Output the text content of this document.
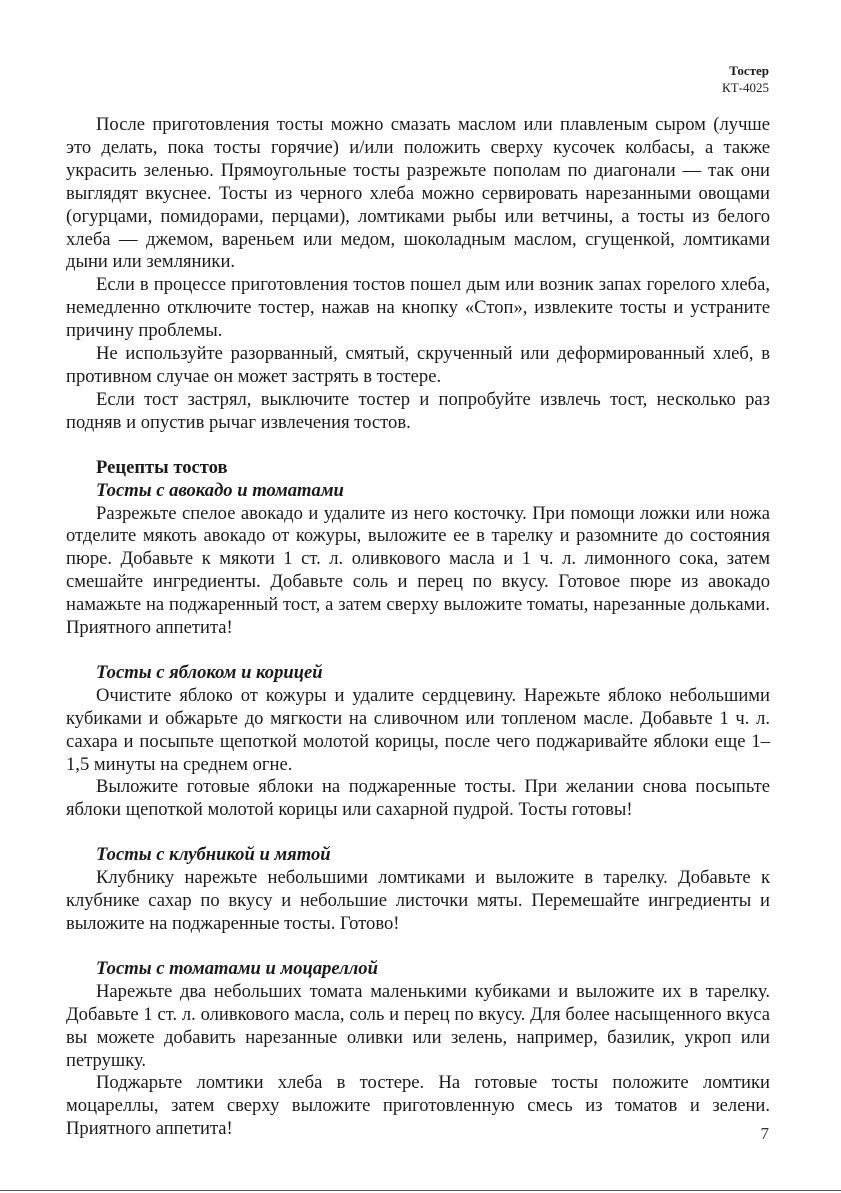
Тостер
КТ-4025

После приготовления тосты можно смазать маслом или плавленым сыром (лучше это делать, пока тосты горячие) и/или положить сверху кусочек колбасы, а также украсить зеленью. Прямоугольные тосты разрежьте пополам по диагонали — так они выглядят вкуснее. Тосты из черного хлеба можно сервировать нарезанными овощами (огурцами, помидорами, перцами), ломтиками рыбы или ветчины, а тосты из белого хлеба — джемом, вареньем или медом, шоколадным маслом, сгущенкой, ломтиками дыни или земляники.

Если в процессе приготовления тостов пошел дым или возник запах горелого хлеба, немедленно отключите тостер, нажав на кнопку «Стоп», извлеките тосты и устраните причину проблемы.

Не используйте разорванный, смятый, скрученный или деформированный хлеб, в противном случае он может застрять в тостере.

Если тост застрял, выключите тостер и попробуйте извлечь тост, несколько раз подняв и опустив рычаг извлечения тостов.

Рецепты тостов
Тосты с авокадо и томатами

Разрежьте спелое авокадо и удалите из него косточку. При помощи ложки или ножа отделите мякоть авокадо от кожуры, выложите ее в тарелку и разомните до состояния пюре. Добавьте к мякоти 1 ст. л. оливкового масла и 1 ч. л. лимонного сока, затем смешайте ингредиенты. Добавьте соль и перец по вкусу. Готовое пюре из авокадо намажьте на поджаренный тост, а затем сверху выложите томаты, нарезанные дольками. Приятного аппетита!

Тосты с яблоком и корицей

Очистите яблоко от кожуры и удалите сердцевину. Нарежьте яблоко небольшими кубиками и обжарьте до мягкости на сливочном или топленом масле. Добавьте 1 ч. л. сахара и посыпьте щепоткой молотой корицы, после чего поджаривайте яблоки еще 1–1,5 минуты на среднем огне.

Выложите готовые яблоки на поджаренные тосты. При желании снова посыпьте яблоки щепоткой молотой корицы или сахарной пудрой. Тосты готовы!

Тосты с клубникой и мятой

Клубнику нарежьте небольшими ломтиками и выложите в тарелку. Добавьте к клубнике сахар по вкусу и небольшие листочки мяты. Перемешайте ингредиенты и выложите на поджаренные тосты. Готово!

Тосты с томатами и моцареллой

Нарежьте два небольших томата маленькими кубиками и выложите их в тарелку. Добавьте 1 ст. л. оливкового масла, соль и перец по вкусу. Для более насыщенного вкуса вы можете добавить нарезанные оливки или зелень, например, базилик, укроп или петрушку.

Поджарьте ломтики хлеба в тостере. На готовые тосты положите ломтики моцареллы, затем сверху выложите приготовленную смесь из томатов и зелени. Приятного аппетита!	7
